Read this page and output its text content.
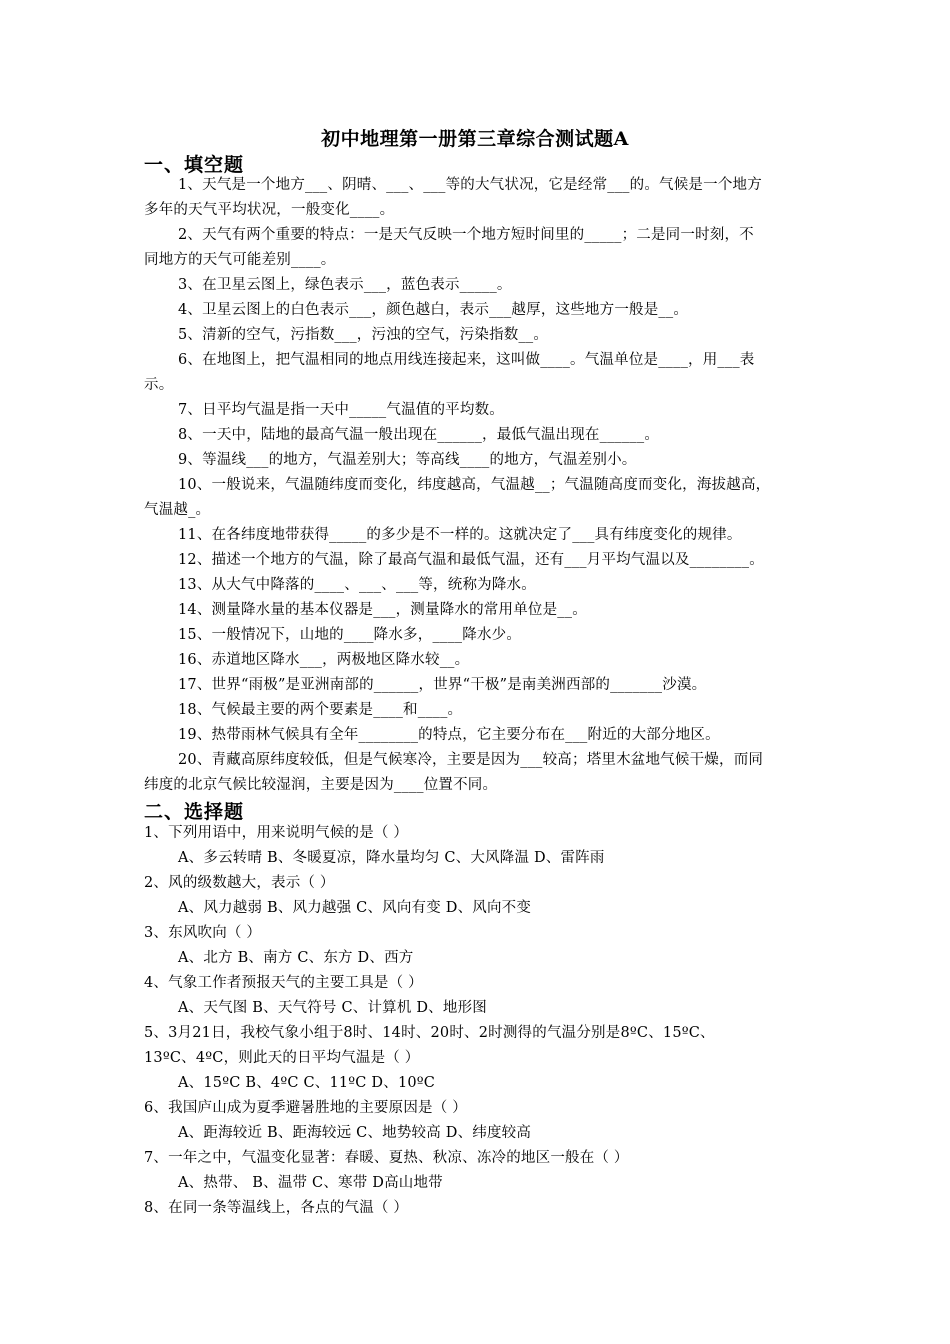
初中地理第一册第三章综合测试题A
一、填空题
1、天气是一个地方___、阴晴、___、___等的大气状况，它是经常___的。气候是一个地方
多年的天气平均状况，一般变化____。
2、天气有两个重要的特点：一是天气反映一个地方短时间里的_____；二是同一时刻，不
同地方的天气可能差别____。
3、在卫星云图上，绿色表示___，蓝色表示_____。
4、卫星云图上的白色表示___，颜色越白，表示___越厚，这些地方一般是__。
5、清新的空气，污指数___，污浊的空气，污染指数__。
6、在地图上，把气温相同的地点用线连接起来，这叫做____。气温单位是____，用___表
示。
7、日平均气温是指一天中_____气温值的平均数。
8、一天中，陆地的最高气温一般出现在______，最低气温出现在______。
9、等温线___的地方，气温差别大；等高线____的地方，气温差别小。
10、一般说来，气温随纬度而变化，纬度越高，气温越__；气温随高度而变化，海拔越高，
气温越_。
11、在各纬度地带获得_____的多少是不一样的。这就决定了___具有纬度变化的规律。
12、描述一个地方的气温，除了最高气温和最低气温，还有___月平均气温以及________。
13、从大气中降落的____、___、___等，统称为降水。
14、测量降水量的基本仪器是___，测量降水的常用单位是__。
15、一般情况下，山地的____降水多，____降水少。
16、赤道地区降水___，两极地区降水较__。
17、世界“雨极”是亚洲南部的______，世界“干极”是南美洲西部的_______沙漠。
18、气候最主要的两个要素是____和____。
19、热带雨林气候具有全年________的特点，它主要分布在___附近的大部分地区。
20、青藏高原纬度较低，但是气候寒冷，主要是因为___较高；塔里木盆地气候干燥，而同
纬度的北京气候比较湿润，主要是因为____位置不同。
二、选择题
1、下列用语中，用来说明气候的是（ ）
A、多云转晴 B、冬暖夏凉，降水量均匀 C、大风降温 D、雷阵雨
2、风的级数越大，表示（ ）
A、风力越弱 B、风力越强 C、风向有变 D、风向不变
3、东风吹向（ ）
A、北方 B、南方 C、东方 D、西方
4、气象工作者预报天气的主要工具是（ ）
A、天气图 B、天气符号 C、计算机 D、地形图
5、3月21日，我校气象小组于8时、14时、20时、2时测得的气温分别是8ºC、15ºC、
13ºC、4ºC，则此天的日平均气温是（ ）
A、15ºC B、4ºC C、11ºC D、10ºC
6、我国庐山成为夏季避暑胜地的主要原因是（ ）
A、距海较近 B、距海较远 C、地势较高 D、纬度较高
7、一年之中，气温变化显著：春暖、夏热、秋凉、冻冷的地区一般在（ ）
A、热带、 B、温带 C、寒带 D高山地带
8、在同一条等温线上，各点的气温（ ）
